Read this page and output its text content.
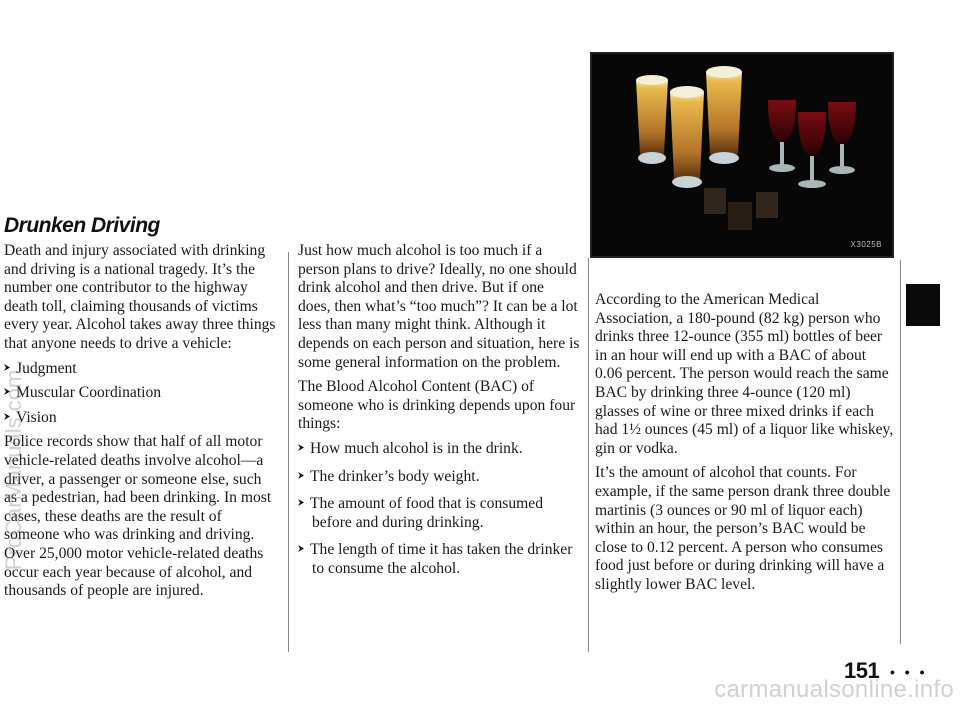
Drunken Driving

Death and injury associated with drinking and driving is a national tragedy. It’s the number one contributor to the highway death toll, claiming thousands of victims every year. Alcohol takes away three things that anyone needs to drive a vehicle:

Judgment
Muscular Coordination
Vision

Police records show that half of all motor vehicle-related deaths involve alcohol—a driver, a passenger or someone else, such as a pedestrian, had been drinking. In most cases, these deaths are the result of someone who was drinking and driving. Over 25,000 motor vehicle-related deaths occur each year because of alcohol, and thousands of people are injured.

Just how much alcohol is too much if a person plans to drive? Ideally, no one should drink alcohol and then drive. But if one does, then what’s “too much”? It can be a lot less than many might think. Although it depends on each person and situation, here is some general information on the problem.

The Blood Alcohol Content (BAC) of someone who is drinking depends upon four things:

How much alcohol is in the drink.
The drinker’s body weight.
The amount of food that is consumed before and during drinking.
The length of time it has taken the drinker to consume the alcohol.
X3025B

According to the American Medical Association, a 180-pound (82 kg) person who drinks three 12-ounce (355 ml) bottles of beer in an hour will end up with a BAC of about 0.06 percent. The person would reach the same BAC by drinking three 4-ounce (120 ml) glasses of wine or three mixed drinks if each had 1½ ounces (45 ml) of a liquor like whiskey, gin or vodka.

It’s the amount of alcohol that counts. For example, if the same person drank three double martinis (3 ounces or 90 ml of liquor each) within an hour, the person’s BAC would be close to 0.12 percent. A person who consumes food just before or during drinking will have a slightly lower BAC level.

151 • • •
ProCarManuals.com
carmanualsonline.info
